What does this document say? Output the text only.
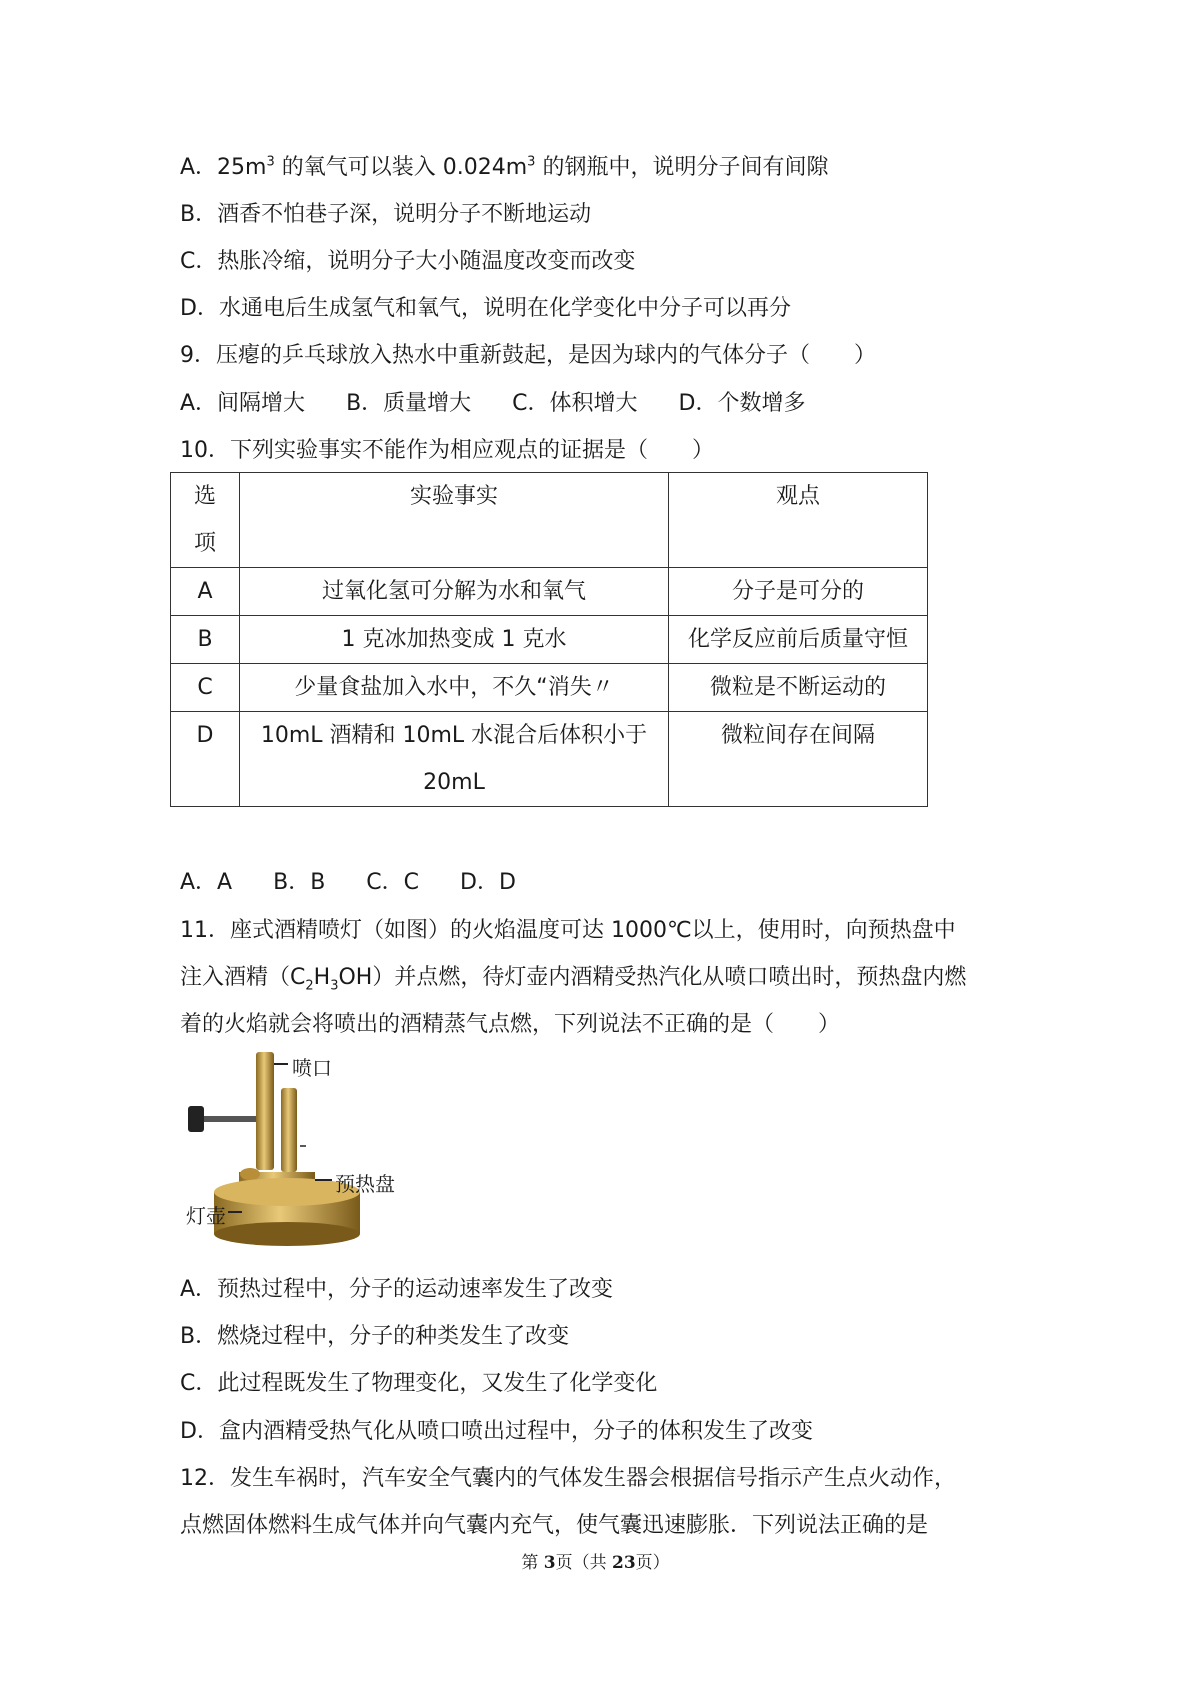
A．$25m^3$ 的氧气可以装入 $0.024m^3$ 的钢瓶中，说明分子间有间隙
B．酒香不怕巷子深，说明分子不断地运动
C．热胀冷缩，说明分子大小随温度改变而改变
D．水通电后生成氢气和氧气，说明在化学变化中分子可以再分
9．压瘪的乒乓球放入热水中重新鼓起，是因为球内的气体分子（　　）
A．间隔增大 B．质量增大 C．体积增大 D．个数增多
10．下列实验事实不能作为相应观点的证据是（　　）
选项	实验事实	观点
A	过氧化氢可分解为水和氧气	分子是可分的
B	1 克冰加热变成 1 克水	化学反应前后质量守恒

C	少量食盐加入水中，不久“消失〃	微粒是不断运动的
D	10mL 酒精和 10mL 水混合后体积小于 20mL	微粒间存在间隔
A．A B．B C．C D．D
11．座式酒精喷灯（如图）的火焰温度可达 1000℃以上，使用时，向预热盘中
注入酒精$(C_2H_3OH)$并点燃，待灯壶内酒精受热汽化从喷口喷出时，预热盘内燃
着的火焰就会将喷出的酒精蒸气点燃，下列说法不正确的是（　　）
喷口
预热盘
灯壶
A．预热过程中，分子的运动速率发生了改变
B．燃烧过程中，分子的种类发生了改变
C．此过程既发生了物理变化，又发生了化学变化
D．盒内酒精受热气化从喷口喷出过程中，分子的体积发生了改变
12．发生车祸时，汽车安全气囊内的气体发生器会根据信号指示产生点火动作，
点燃固体燃料生成气体并向气囊内充气，使气囊迅速膨胀．下列说法正确的是
第 3页（共 23页）
